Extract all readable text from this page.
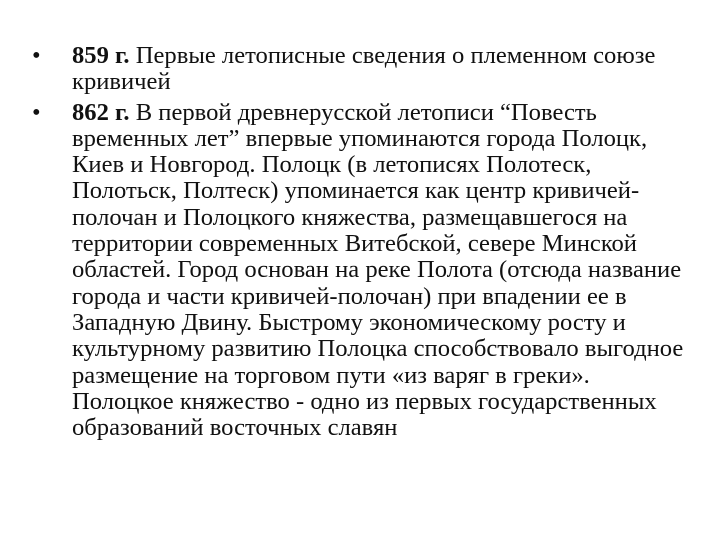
• 859 г. Первые летописные сведения о племенном союзе кривичей
• 862 г. В первой древнерусской летописи “Повесть временных лет” впервые упоминаются города Полоцк, Киев и Новгород. Полоцк (в летописях Полотеск, Полотьск, Полтеск) упоминается как центр кривичей-полочан и Полоцкого княжества, размещавшегося на территории современных Витебской, севере Минской областей. Город основан на реке Полота (отсюда название города и части кривичей-полочан) при впадении ее в Западную Двину. Быстрому экономическому росту и культурному развитию Полоцка способствовало выгодное размещение на торговом пути «из варяг в греки». Полоцкое княжество - одно из первых государственных образований восточных славян
